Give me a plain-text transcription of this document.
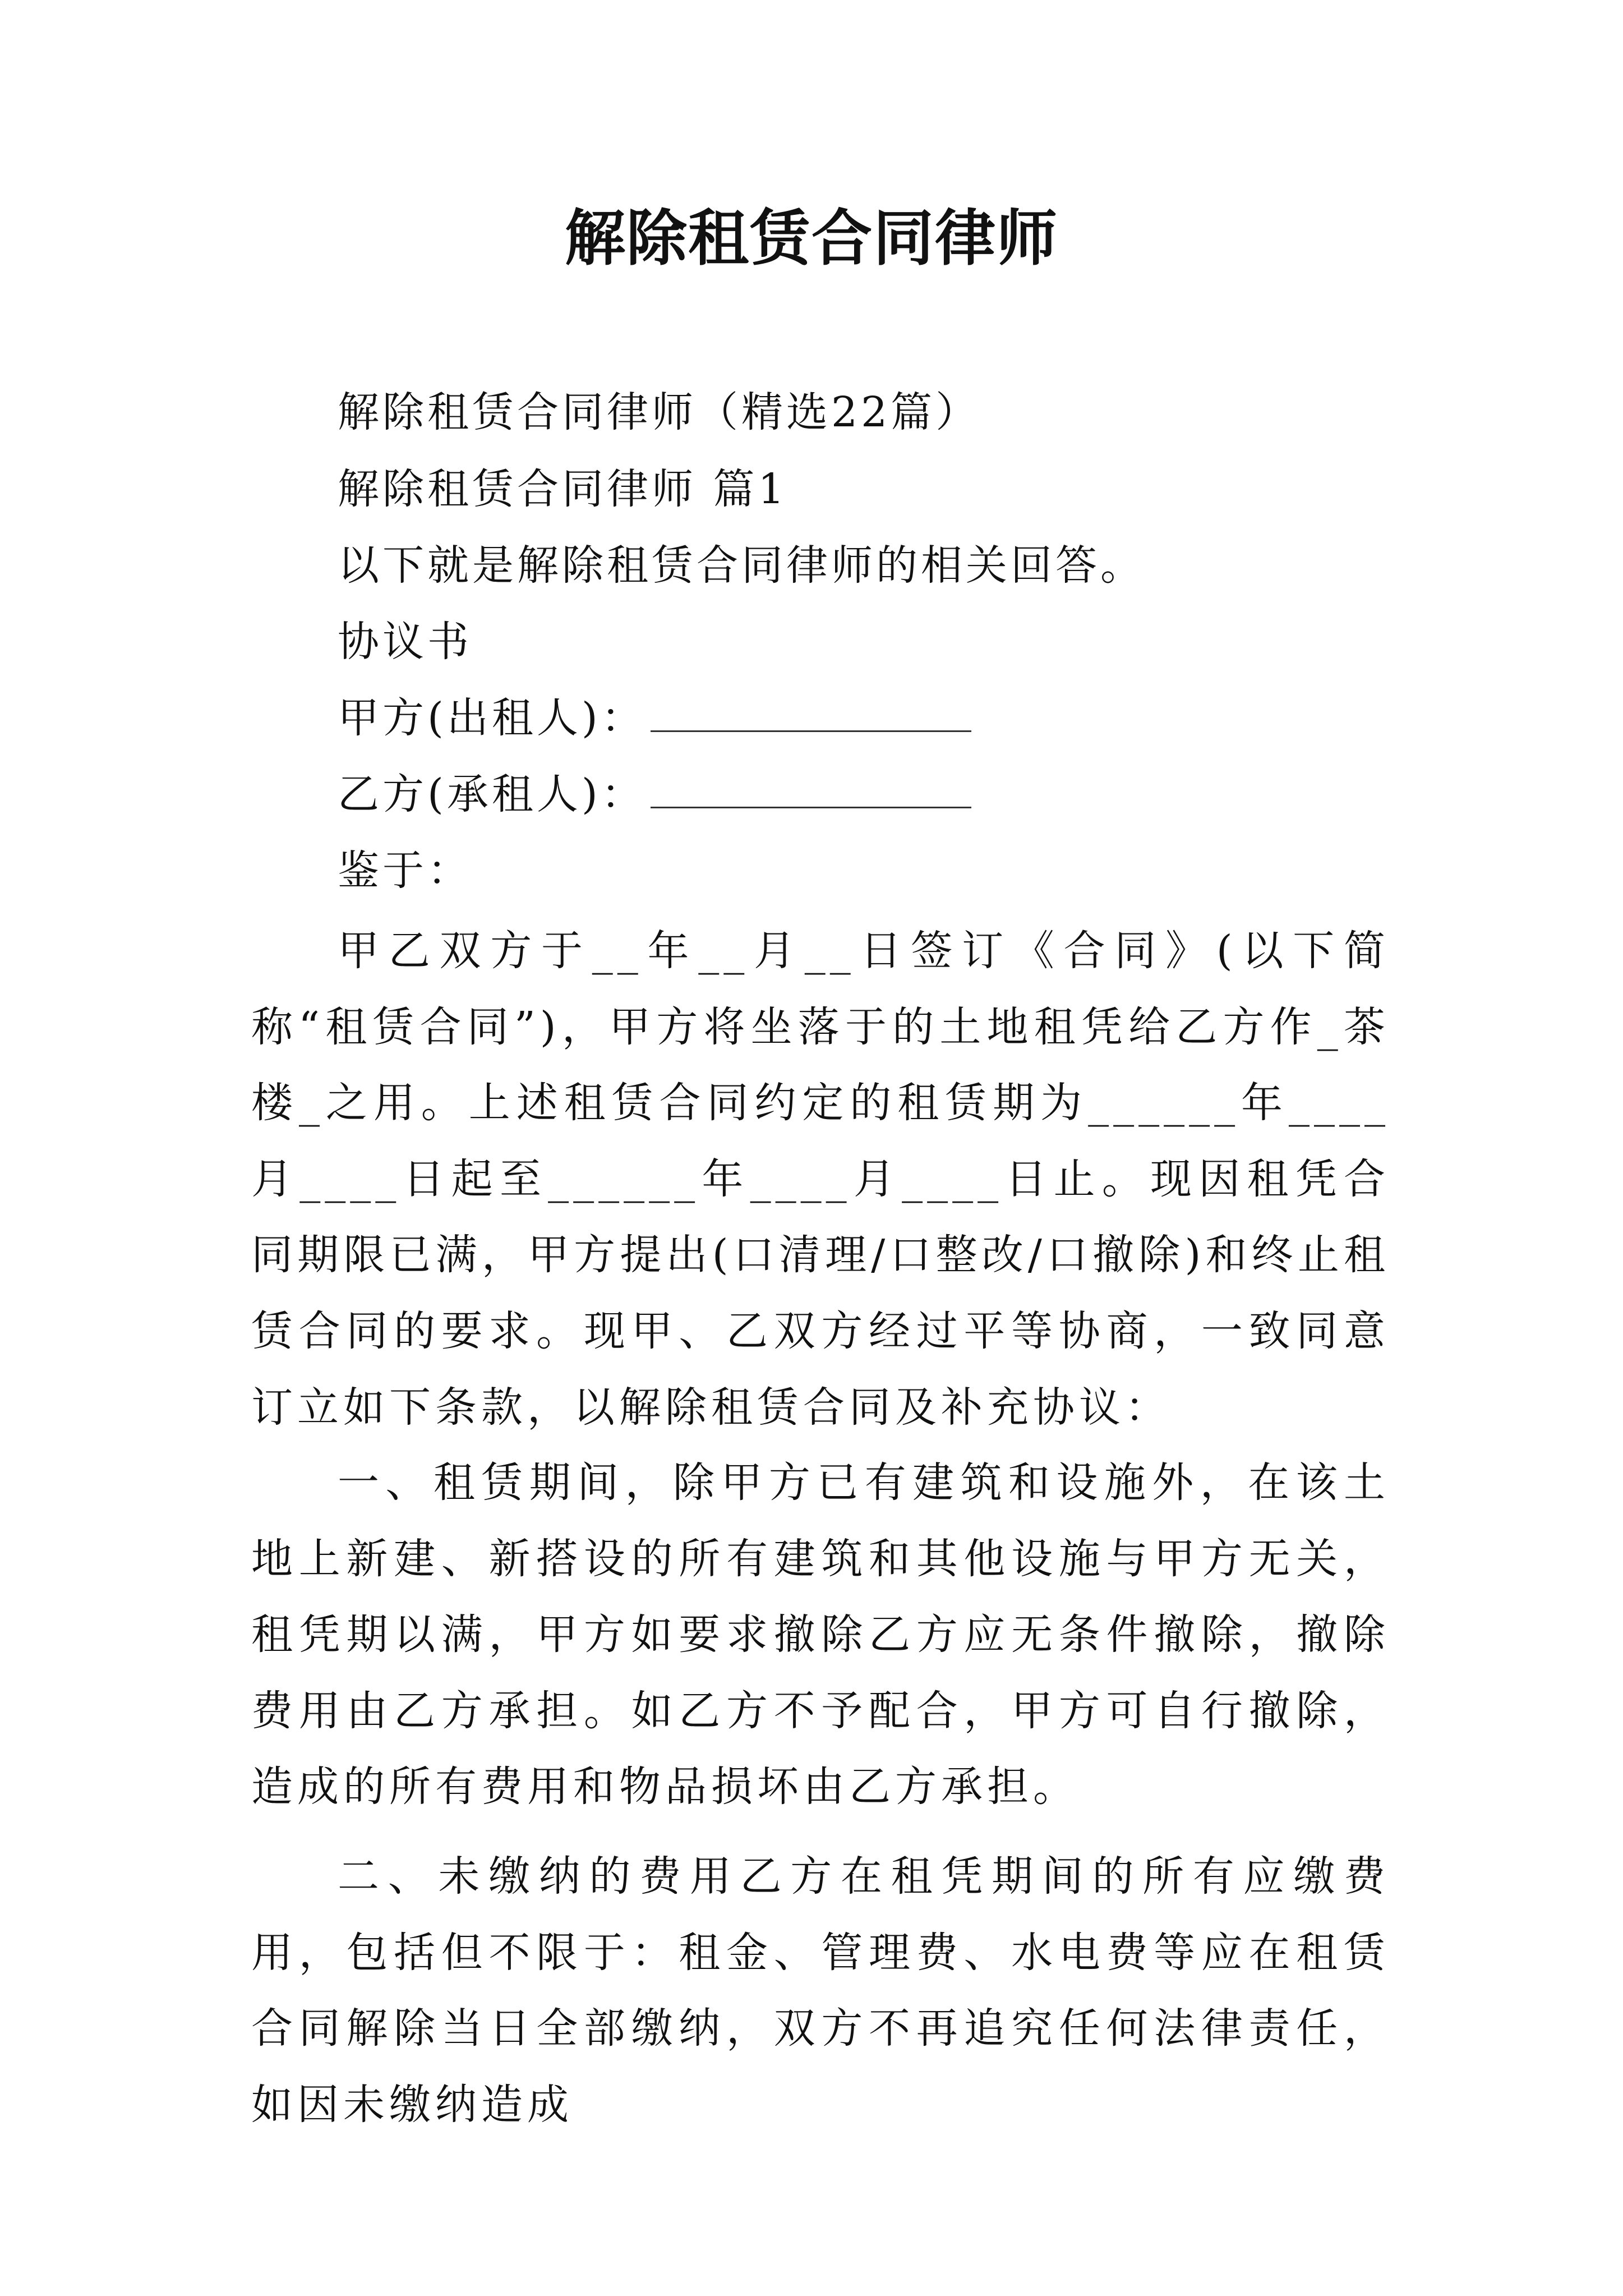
解除租赁合同律师
解除租赁合同律师（精选22篇）
解除租赁合同律师 篇1
以下就是解除租赁合同律师的相关回答。
协议书
甲方(出租人)：
乙方(承租人)：
鉴于：

甲乙双方于__年__月__日签订《合同》(以下简称“租赁合同”)，甲方将坐落于的土地租凭给乙方作_茶楼_之用。上述租赁合同约定的租赁期为______年____月____日起至______年____月____日止。现因租凭合同期限已满，甲方提出(口清理/口整改/口撤除)和终止租赁合同的要求。现甲、乙双方经过平等协商，一致同意订立如下条款，以解除租赁合同及补充协议：

一、租赁期间，除甲方已有建筑和设施外，在该土地上新建、新搭设的所有建筑和其他设施与甲方无关，租凭期以满，甲方如要求撤除乙方应无条件撤除，撤除费用由乙方承担。如乙方不予配合，甲方可自行撤除，造成的所有费用和物品损坏由乙方承担。

二、未缴纳的费用乙方在租凭期间的所有应缴费用，包括但不限于：租金、管理费、水电费等应在租赁合同解除当日全部缴纳，双方不再追究任何法律责任，如因未缴纳造成
